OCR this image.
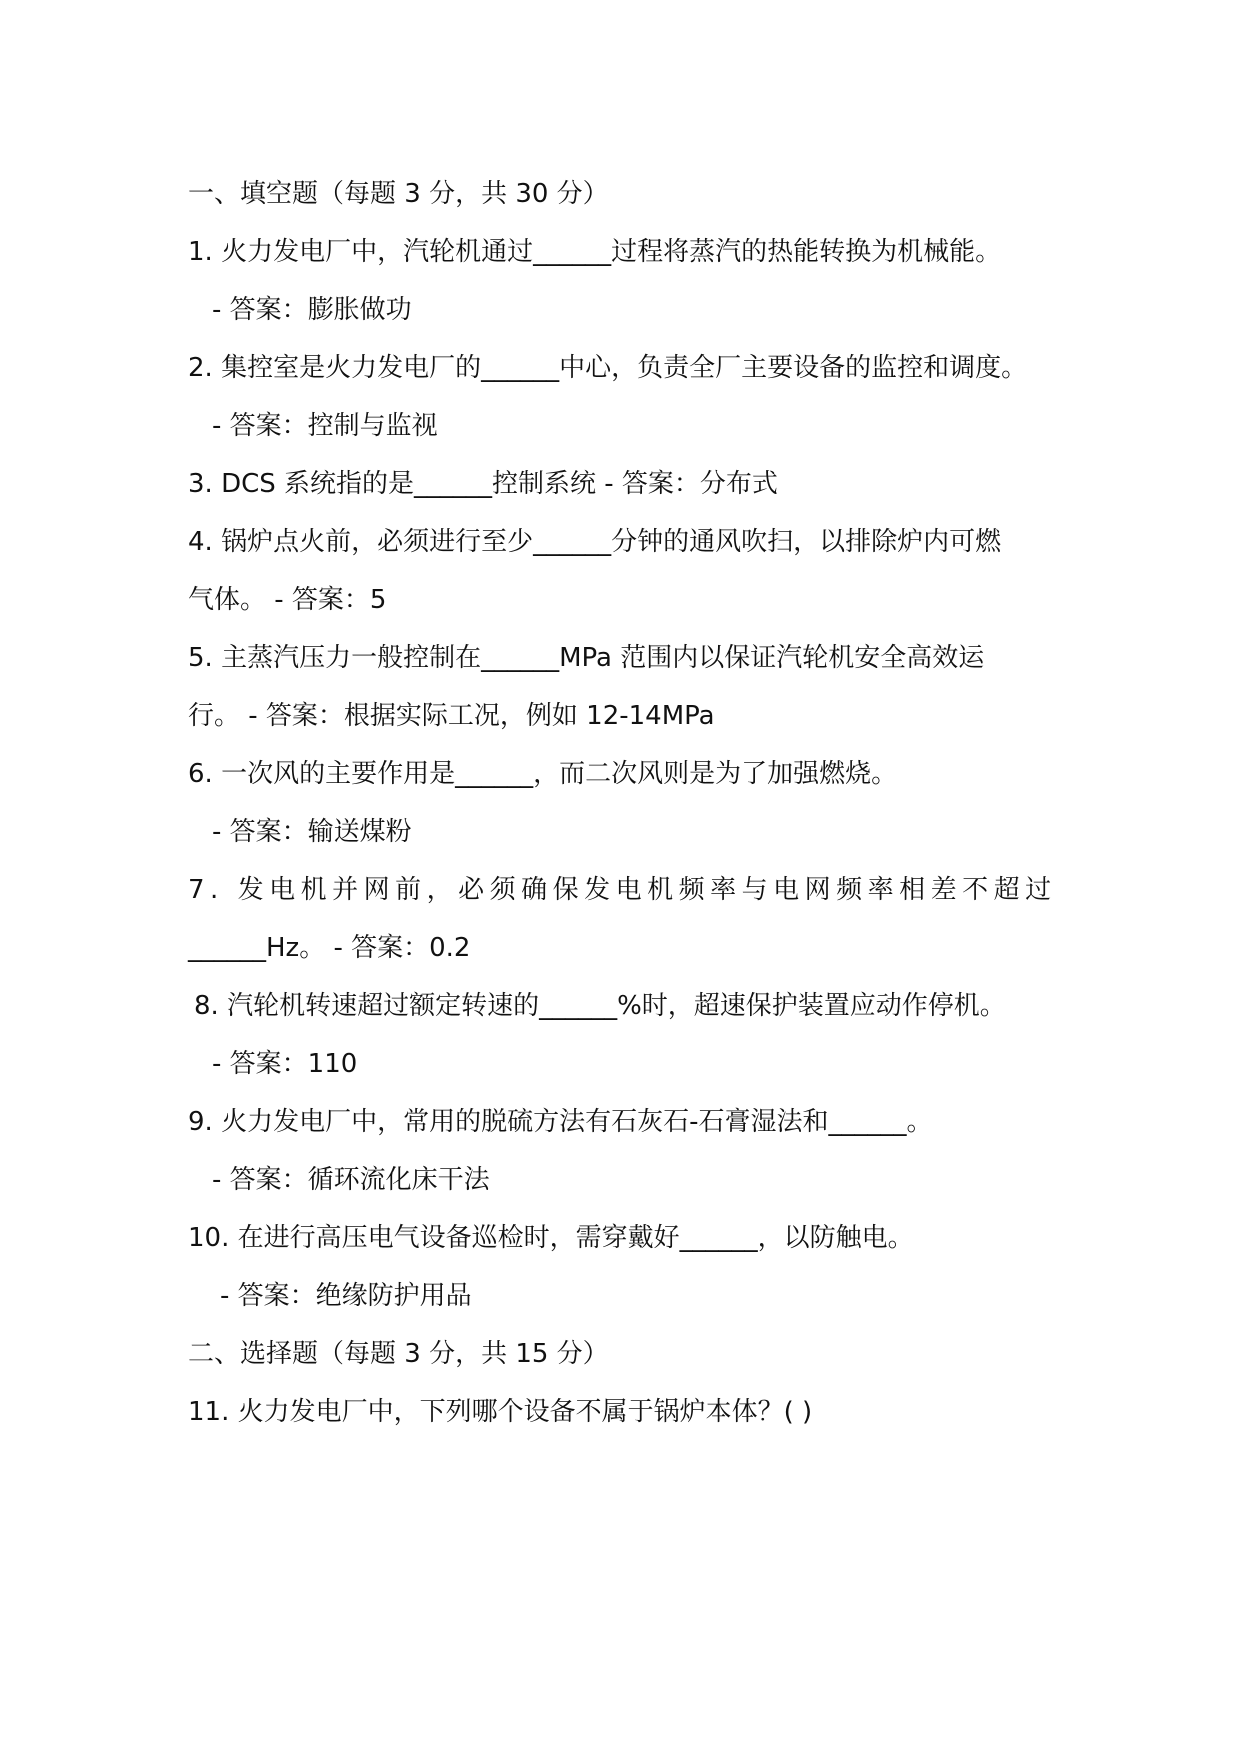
一、填空题（每题 3 分，共 30 分）
1. 火力发电厂中，汽轮机通过______过程将蒸汽的热能转换为机械能。
- 答案：膨胀做功
2. 集控室是火力发电厂的______中心，负责全厂主要设备的监控和调度。
- 答案：控制与监视
3. DCS 系统指的是______控制系统 - 答案：分布式
4. 锅炉点火前，必须进行至少______分钟的通风吹扫，以排除炉内可燃
气体。 - 答案：5
5. 主蒸汽压力一般控制在______MPa 范围内以保证汽轮机安全高效运
行。 - 答案：根据实际工况，例如 12-14MPa
6. 一次风的主要作用是______，而二次风则是为了加强燃烧。
- 答案：输送煤粉
7. 发电机并网前，必须确保发电机频率与电网频率相差不超过
______Hz。 - 答案：0.2
8. 汽轮机转速超过额定转速的______%时，超速保护装置应动作停机。
- 答案：110
9. 火力发电厂中，常用的脱硫方法有石灰石-石膏湿法和______。
- 答案：循环流化床干法
10. 在进行高压电气设备巡检时，需穿戴好______，以防触电。
- 答案：绝缘防护用品
二、选择题（每题 3 分，共 15 分）
11. 火力发电厂中，下列哪个设备不属于锅炉本体？( )
